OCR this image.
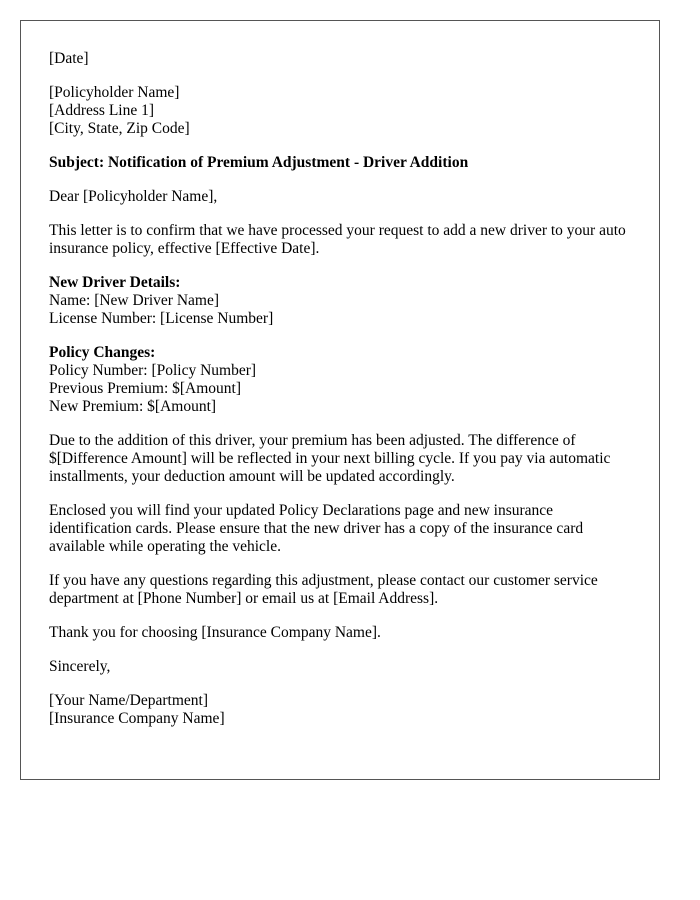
[Date]

[Policyholder Name]
[Address Line 1]
[City, State, Zip Code]

Subject: Notification of Premium Adjustment - Driver Addition

Dear [Policyholder Name],

This letter is to confirm that we have processed your request to add a new driver to your auto insurance policy, effective [Effective Date].

New Driver Details:
Name: [New Driver Name]
License Number: [License Number]

Policy Changes:
Policy Number: [Policy Number]
Previous Premium: $[Amount]
New Premium: $[Amount]

Due to the addition of this driver, your premium has been adjusted. The difference of $[Difference Amount] will be reflected in your next billing cycle. If you pay via automatic installments, your deduction amount will be updated accordingly.

Enclosed you will find your updated Policy Declarations page and new insurance identification cards. Please ensure that the new driver has a copy of the insurance card available while operating the vehicle.

If you have any questions regarding this adjustment, please contact our customer service department at [Phone Number] or email us at [Email Address].

Thank you for choosing [Insurance Company Name].

Sincerely,

[Your Name/Department]
[Insurance Company Name]
